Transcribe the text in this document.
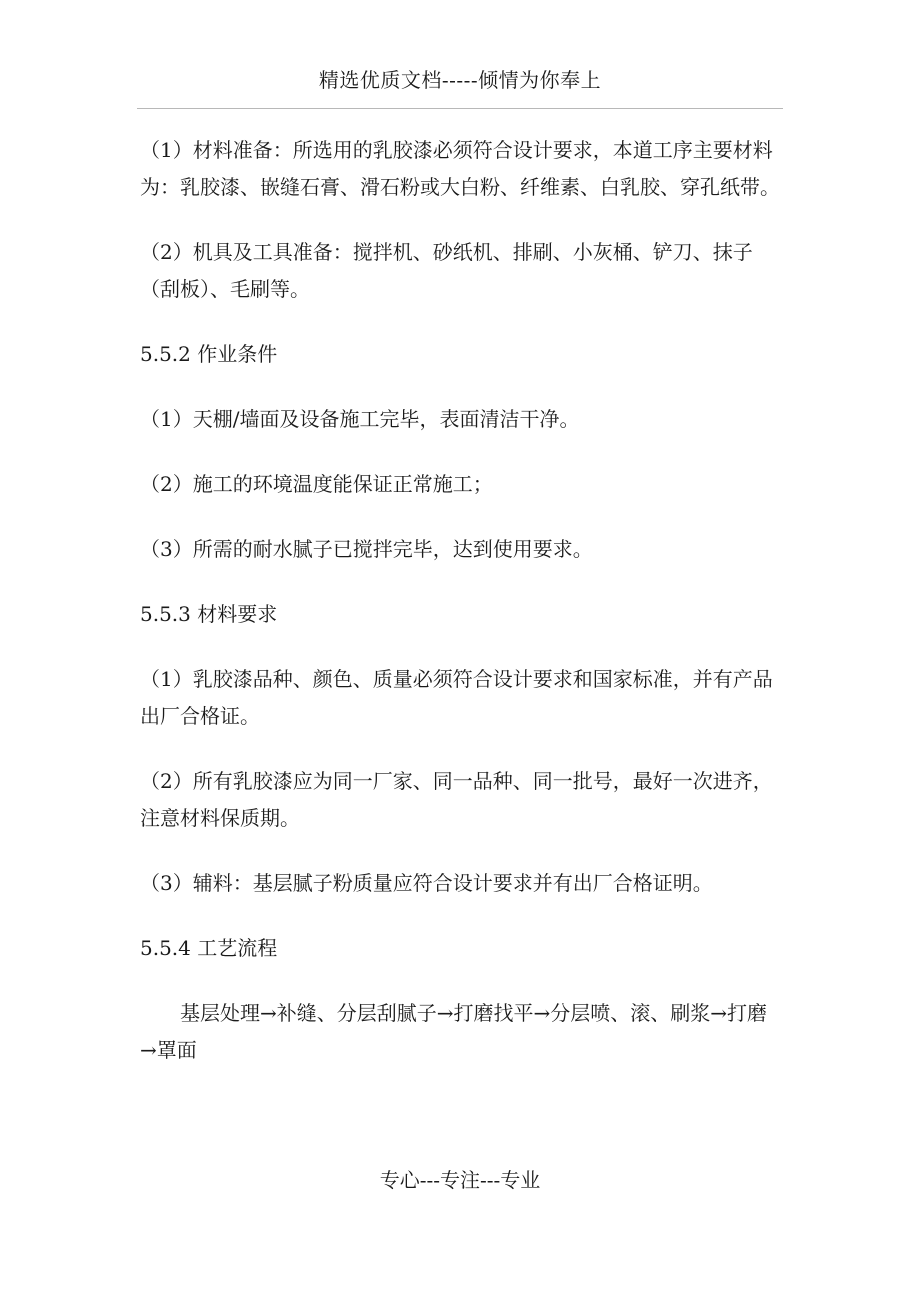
精选优质文档-----倾情为你奉上

（1）材料准备：所选用的乳胶漆必须符合设计要求，本道工序主要材料为：乳胶漆、嵌缝石膏、滑石粉或大白粉、纤维素、白乳胶、穿孔纸带。

（2）机具及工具准备：搅拌机、砂纸机、排刷、小灰桶、铲刀、抹子（刮板）、毛刷等。

5.5.2 作业条件

（1）天棚/墙面及设备施工完毕，表面清洁干净。

（2）施工的环境温度能保证正常施工；

（3）所需的耐水腻子已搅拌完毕，达到使用要求。

5.5.3 材料要求

（1）乳胶漆品种、颜色、质量必须符合设计要求和国家标准，并有产品出厂合格证。

（2）所有乳胶漆应为同一厂家、同一品种、同一批号，最好一次进齐，注意材料保质期。

（3）辅料：基层腻子粉质量应符合设计要求并有出厂合格证明。

5.5.4 工艺流程

基层处理→补缝、分层刮腻子→打磨找平→分层喷、滚、刷浆→打磨→罩面

专心---专注---专业
